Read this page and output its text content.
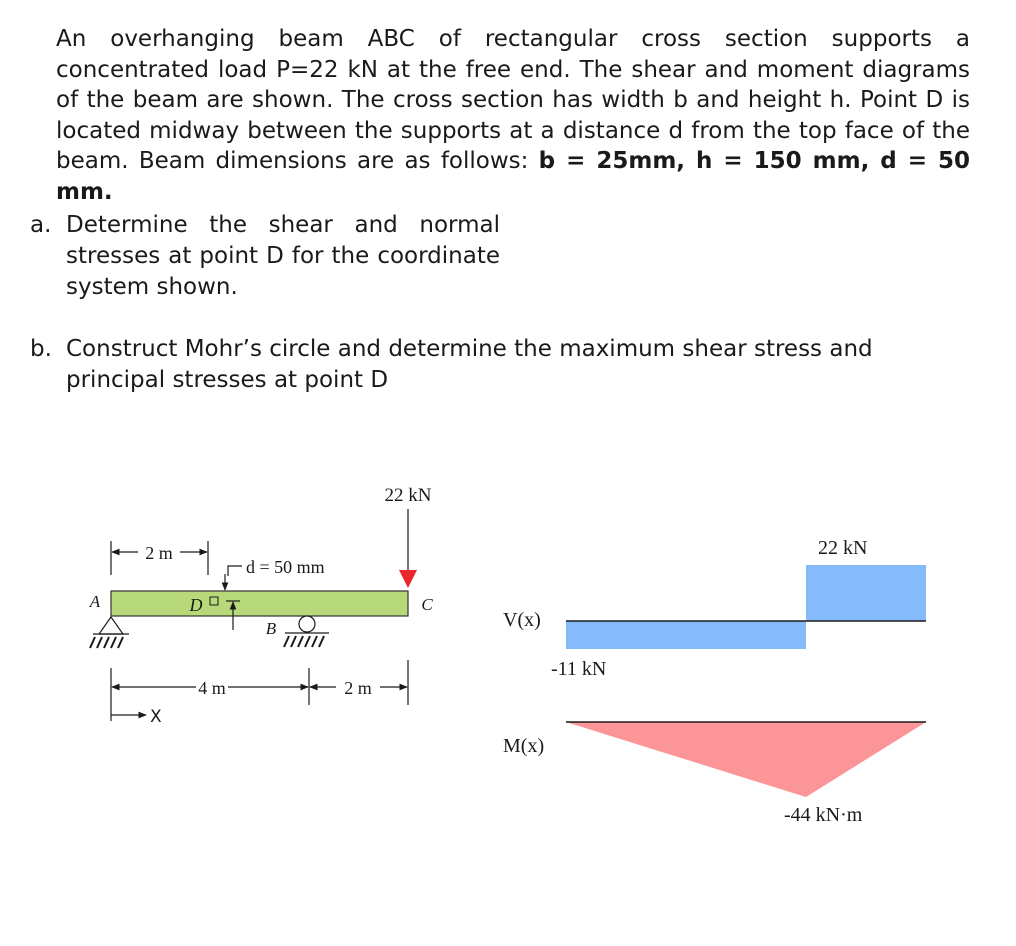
An overhanging beam ABC of rectangular cross section supports a concentrated load P=22 kN at the free end. The shear and moment diagrams of the beam are shown. The cross section has width b and height h. Point D is located midway between the supports at a distance d from the top face of the beam. Beam dimensions are as follows: b = 25mm, h = 150 mm, d = 50 mm.
a. Determine the shear and normal stresses at point D for the coordinate system shown.
b. Construct Mohr’s circle and determine the maximum shear stress and principal stresses at point D
22 kN
2 m
d = 50 mm
A	C
D
B
4 m	2 m
X
V(x)
22 kN
-11 kN
M(x)
-44 kN·m
